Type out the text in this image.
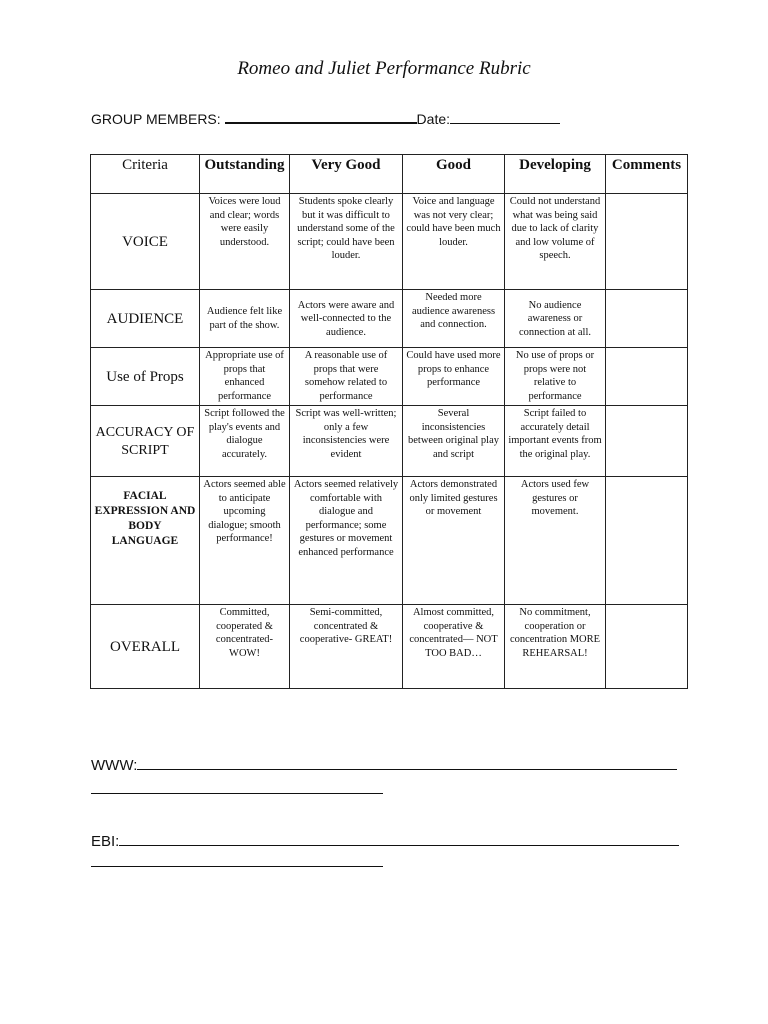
Romeo and Juliet Performance Rubric
GROUP MEMBERS:	Date:
Criteria	Outstanding	Very Good	Good	Developing	Comments
VOICE	Voices were loud and clear; words were easily understood.	Students spoke clearly but it was difficult to understand some of the script; could have been louder.	Voice and language was not very clear; could have been much louder.	Could not understand what was being said due to lack of clarity and low volume of speech.	
AUDIENCE	Audience felt like part of the show.	Actors were aware and well-connected to the audience.	Needed more audience awareness and connection.	No audience awareness or connection at all.	
Use of Props	Appropriate use of props that enhanced performance	A reasonable use of props that were somehow related to performance	Could have used more props to enhance performance	No use of props or props were not relative to performance	
ACCURACY OF SCRIPT	Script followed the play's events and dialogue accurately.	Script was well-written; only a few inconsistencies were evident	Several inconsistencies between original play and script	Script failed to accurately detail important events from the original play.	
FACIAL EXPRESSION AND BODY LANGUAGE	Actors seemed able to anticipate upcoming dialogue; smooth performance!	Actors seemed relatively comfortable with dialogue and performance; some gestures or movement enhanced performance	Actors demonstrated only limited gestures or movement	Actors used few gestures or movement.	
OVERALL	Committed, cooperated & concentrated- WOW!	Semi-committed, concentrated & cooperative- GREAT!	Almost committed, cooperative & concentrated— NOT TOO BAD…	No commitment, cooperation or concentration MORE REHEARSAL!	
WWW:
EBI:
